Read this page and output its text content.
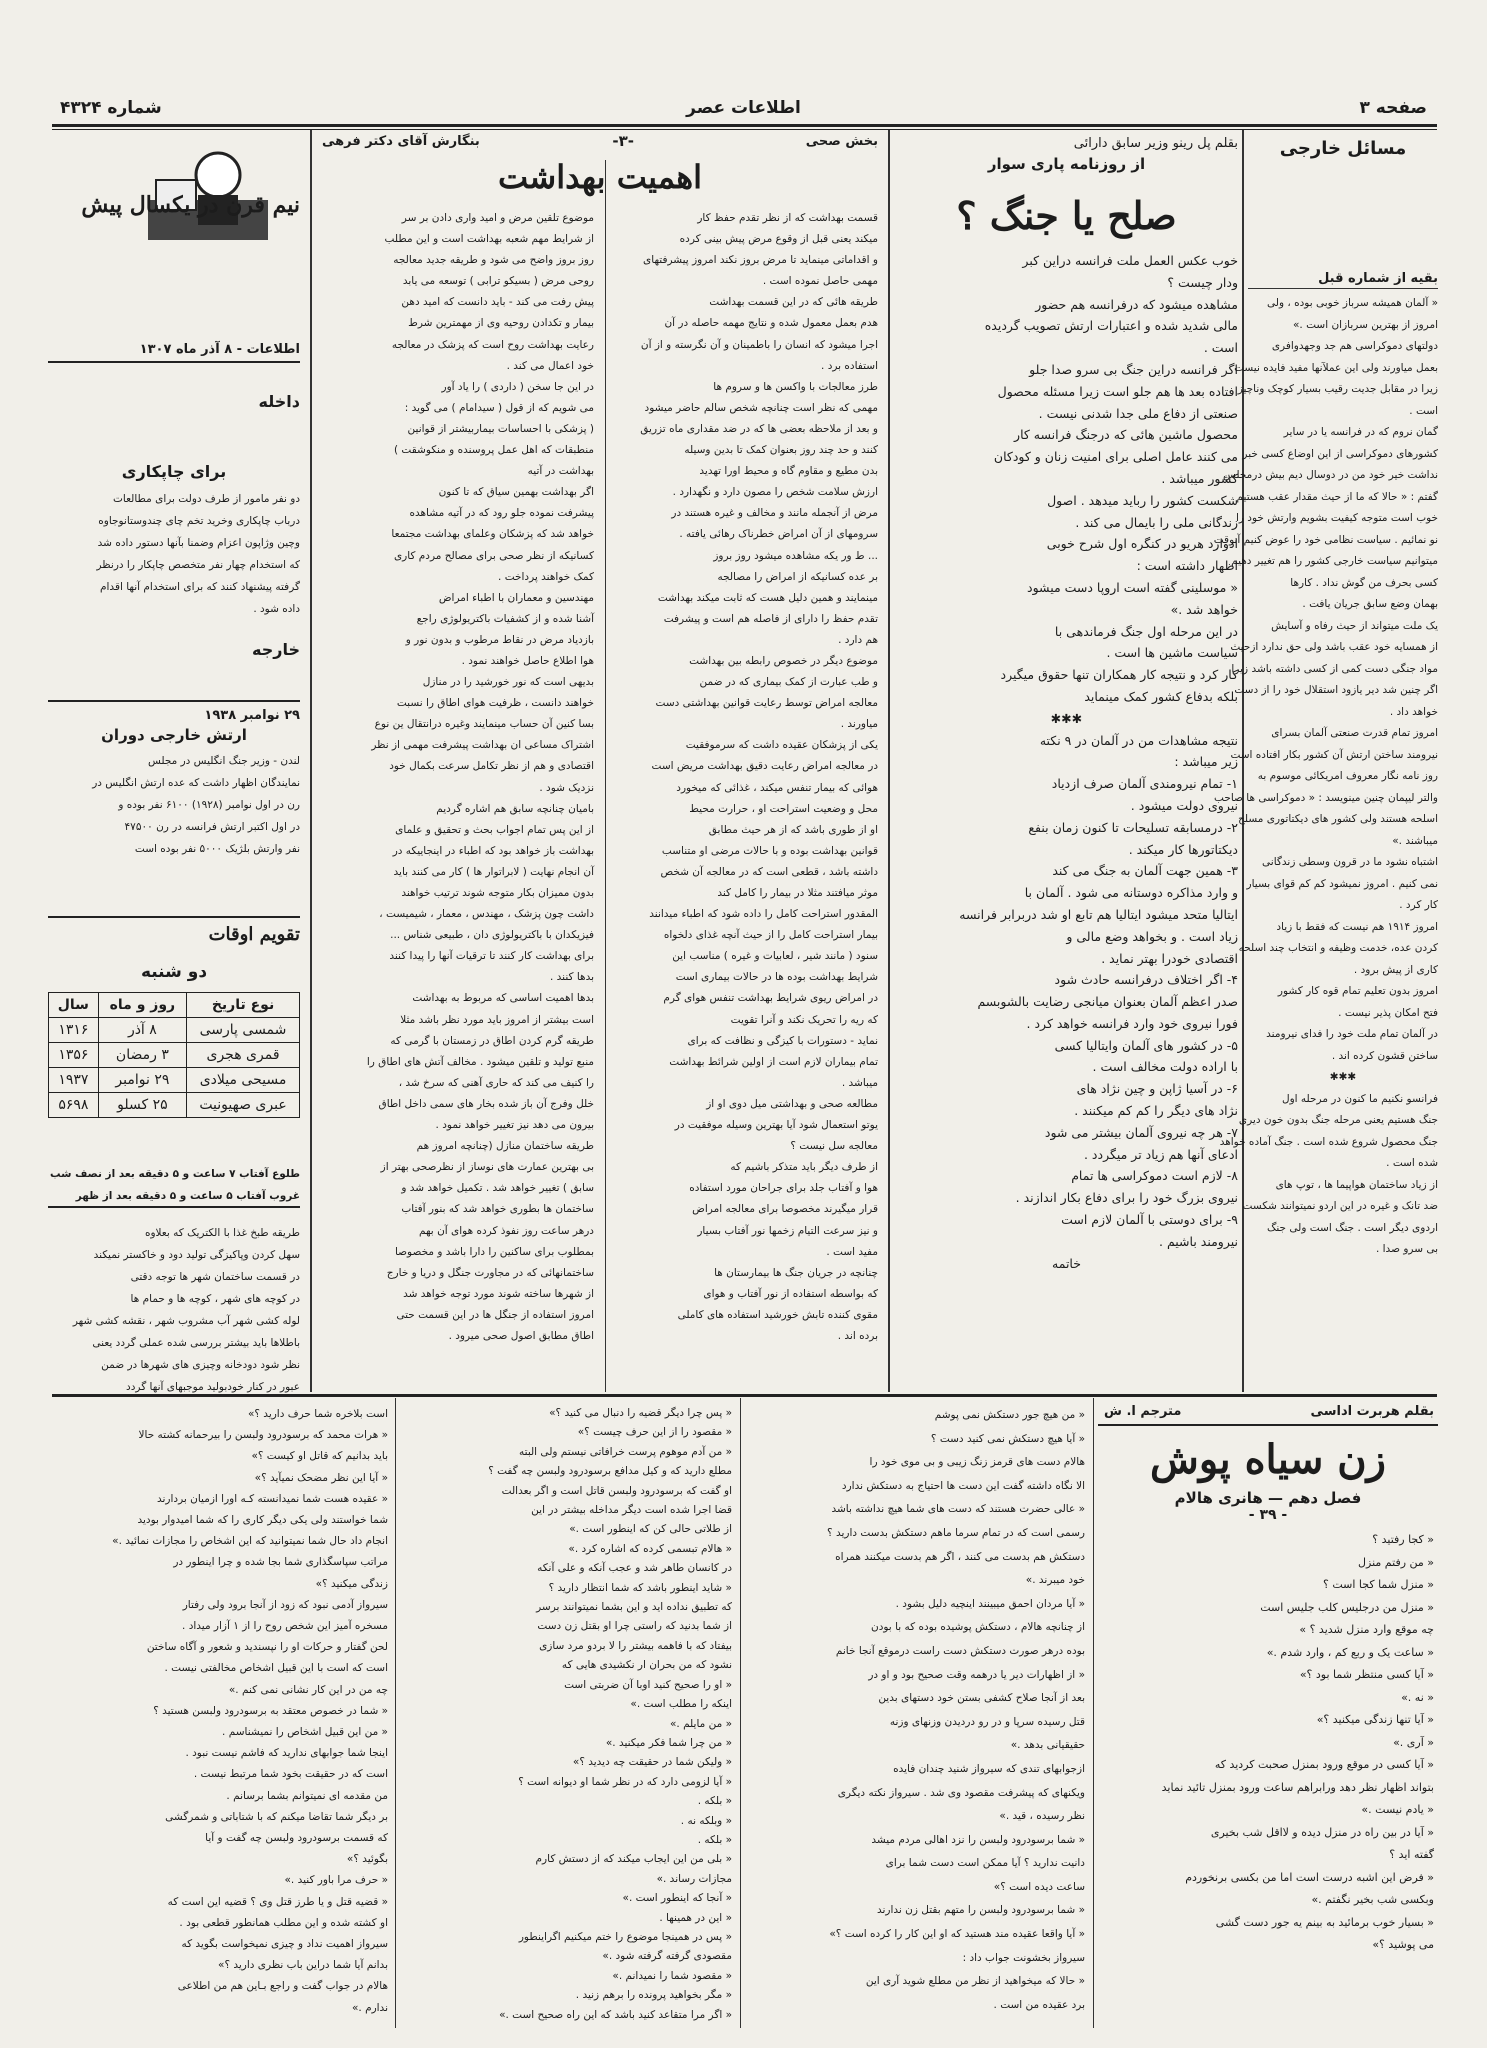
صفحه ۳
اطلاعات عصر
شماره ۴۳۲۴
مسائل خارجی
بقیه از شماره قبل

« آلمان همیشه سرباز خوبی بوده ، ولی

امروز از بهترین سربازان است .»

دولتهای دموکراسی هم جد وجهدوافری

بعمل میاورند ولی این عملآنها مفید فایده نیست

زیرا در مقابل جدیت رقیب بسیار کوچک وناچیز

است .

گمان نروم که در فرانسه یا در سایر

کشورهای دموکراسی از این اوضاع کسی خبر

نداشت خیر خود من در دوسال دیم بیش درمجلس

گفتم : « حالا که ما از حیث مقدار عقب هستیم

خوب است متوجه کیفیت بشویم وارتش خود را

نو نمائیم . سیاست نظامی خود را عوض کنیم آنوقت

میتوانیم سیاست خارجی کشور را هم تغییر دهیم

کسی بحرف من گوش نداد . کارها

بهمان وضع سابق جریان یافت .

یک ملت میتواند از حیث رفاه و آسایش

از همسایه خود عقب باشد ولی حق ندارد ازحیث

مواد جنگی دست کمی از کسی داشته باشد زیرا

اگر چنین شد دیر یازود استقلال خود را از دست

خواهد داد .

امروز تمام قدرت صنعتی آلمان بسرای

نیرومند ساختن ارتش آن کشور بکار افتاده است

روز نامه نگار معروف امریکائی موسوم به

والتر لیپمان چنین مینویسد : « دموکراسی ها صاحب

اسلحه هستند ولی کشور های دیکتاتوری مسلح

میباشند .»

اشتباه نشود ما در قرون وسطی زندگانی

نمی کنیم . امروز نمیشود کم کم قوای بسیار

کار کرد .

امروز ۱۹۱۴ هم نیست که فقط با زیاد

کردن عده، خدمت وظیفه و انتخاب چند اسلحه

کاری از پیش برود .

امروز بدون تعلیم تمام قوه کار کشور

فتح امکان پذیر نیست .

در آلمان تمام ملت خود را فدای نیرومند

ساختن قشون کرده اند .

✱✱✱

فرانسو نکنیم ما کنون در مرحله اول

جنگ هستیم یعنی مرحله جنگ بدون خون دیری

جنگ محصول شروع شده است . جنگ آماده خواهد

شده است .

از زیاد ساختمان هواپیما ها ، توپ های

ضد تانک و غیره در این اردو نمیتوانند شکست

اردوی دیگر است . جنگ است ولی جنگ

بی سرو صدا .

بقلم پل رینو وزیر سابق دارائی
از روزنامه پاری سوار
صلح یا جنگ ؟

خوب عکس العمل ملت فرانسه دراین کبر

ودار چیست ؟

مشاهده میشود که درفرانسه هم حضور

مالی شدید شده و اعتبارات ارتش تصویب گردیده

است .

اگر فرانسه دراین جنگ بی سرو صدا جلو

افتاده بعد ها هم جلو است زیرا مسئله محصول

صنعتی از دفاع ملی جدا شدنی نیست .

محصول ماشین هائی که درجنگ فرانسه کار

می کنند عامل اصلی برای امنیت زنان و کودکان

کشور میباشد .

شکست کشور را رباید میدهد . اصول

زندگانی ملی را بایمال می کند .

ادوارد هریو در کنگره اول شرح خوبی

اظهار داشته است :

« موسلینی گفته است اروپا دست میشود

خواهد شد .»

در این مرحله اول جنگ فرماندهی با

سیاست ماشین ها است .

کار کرد و نتیجه کار همکاران تنها حقوق میگیرد

بلکه بدفاع کشور کمک مینماید

✱✱✱

نتیجه مشاهدات من در آلمان در ۹ نکته

زیر میباشد :

۱- تمام نیرومندی آلمان صرف ازدیاد

نیروی دولت میشود .

۲- درمسابقه تسلیحات تا کنون زمان بنفع

دیکتاتورها کار میکند .

۳- همین جهت آلمان به جنگ می کند

و وارد مذاکره دوستانه می شود . آلمان با

ایتالیا متحد میشود ایتالیا هم تابع او شد دربرابر فرانسه

زیاد است . و بخواهد وضع مالی و

اقتصادی خودرا بهتر نماید .

۴- اگر اختلاف درفرانسه حادث شود

صدر اعظم آلمان بعنوان میانجی رضایت بالشوبسم

فورا نیروی خود وارد فرانسه خواهد کرد .

۵- در کشور های آلمان وایتالیا کسی

با اراده دولت مخالف است .

۶- در آسیا ژاپن و چین نژاد های

نژاد های دیگر را کم کم میکنند .

۷- هر چه نیروی آلمان بیشتر می شود

ادعای آنها هم زیاد تر میگردد .

۸- لازم است دموکراسی ها تمام

نیروی بزرگ خود را برای دفاع بکار اندازند .

۹- برای دوستی با آلمان لازم است

نیرومند باشیم .

خاتمه

بخش صحی
-۳-
بنگارش آقای دکتر فرهی
اهمیت بهداشت

قسمت بهداشت که از نظر تقدم حفظ کار

میکند یعنی قبل از وقوع مرض پیش بینی کرده

و اقداماتی مینماید تا مرض بروز نکند امروز پیشرفتهای

مهمی حاصل نموده است .

طریقه هائی که در این قسمت بهداشت

هدم بعمل معمول شده و نتایج مهمه حاصله در آن

اجرا میشود که انسان را باطمینان و آن نگرسته و از آن

استفاده برد .

طرز معالجات با واکسن ها و سروم ها

مهمی که نظر است چنانچه شخص سالم حاضر میشود

و بعد از ملاحظه بعضی ها که در ضد مقداری ماه تزریق

کنند و حد چند روز بعنوان کمک تا بدین وسیله

بدن مطیع و مقاوم گاه و محیط اورا تهدید

ارزش سلامت شخص را مصون دارد و نگهدارد .

مرض از آنجمله مانند و مخالف و غیره هستند در

سرومهای از آن امراض خطرناک رهائی یافته .

... ط ور یکه مشاهده میشود روز بروز

بر عده کسانیکه از امراض را مصالجه

مینمایند و همین دلیل هست که ثابت میکند بهداشت

تقدم حفظ را دارای از فاصله هم است و پیشرفت

هم دارد .

موضوع دیگر در خصوص رابطه بین بهداشت

و طب عبارت از کمک بیماری که در ضمن

معالجه امراض توسط رعایت قوانین بهداشتی دست

میاورند .

یکی از پزشکان عقیده داشت که سرموفقیت

در معالجه امراض رعایت دقیق بهداشت مریض است

هوائی که بیمار تنفس میکند ، غذائی که میخورد

محل و وضعیت استراحت او ، حرارت محیط

او از طوری باشد که از هر حیث مطابق

قوانین بهداشت بوده و با حالات مرضی او متناسب

داشته باشد ، قطعی است که در معالجه آن شخص

موثر میافتند مثلا در بیمار را کامل کند

المقدور استراحت کامل را داده شود که اطباء میدانند

بیمار استراحت کامل را از حیث آنچه غذای دلخواه

سنود ( مانند شیر ، لعابیات و غیره ) مناسب این

شرایط بهداشت بوده ها در حالات بیماری است

در امراض ریوی شرایط بهداشت تنفس هوای گرم

که ریه را تحریک نکند و آنرا تقویت

نماید - دستورات با کیزگی و نظافت که برای

تمام بیماران لازم است از اولین شرائط بهداشت

میباشد .

مطالعه صحی و بهداشتی میل دوی او از

یوتو استعمال شود آیا بهترین وسیله موفقیت در

معالجه سل نیست ؟

از طرف دیگر باید متذکر باشیم که

هوا و آفتاب جلد برای جراحان مورد استفاده

قرار میگیرند مخصوصا برای معالجه امراض

و نیز سرعت التیام زخمها نور آفتاب بسیار

مفید است .

چنانچه در جریان جنگ ها بیمارستان ها

که بواسطه استفاده از نور آفتاب و هوای

مقوی کننده تابش خورشید استفاده های کاملی

برده اند .

موضوع تلقین مرض و امید واری دادن بر سر

از شرایط مهم شعبه بهداشت است و این مطلب

روز بروز واضح می شود و طریقه جدید معالجه

روحی مرض ( بسیکو ترابی ) توسعه می یابد

پیش رفت می کند - باید دانست که امید دهن

بیمار و تکدادن روحیه وی از مهمترین شرط

رعایت بهداشت روح است که پزشک در معالجه

خود اعمال می کند .

در این جا سخن ( داردی ) را یاد آور

می شویم که از قول ( سیدامام ) می گوید :

( پزشکی با احساسات بیماربیشتر از قوانین

منطبقات که اهل عمل پروسنده و منکوشقت )

بهداشت در آتیه

اگر بهداشت بهمین سیاق که تا کنون

پیشرفت نموده جلو رود که در آتیه مشاهده

خواهد شد که پزشکان وعلمای بهداشت مجتمعا

کسانیکه از نظر صحی برای مصالح مردم کاری

کمک خواهند پرداخت .

مهندسین و معماران با اطباء امراض

آشنا شده و از کشفیات باکتریولوژی راجع

بازدیاد مرض در نقاط مرطوب و بدون نور و

هوا اطلاع حاصل خواهند نمود .

بدیهی است که نور خورشید را در منازل

خواهند دانست ، ظرفیت هوای اطاق را نسبت

بسا کنین آن حساب مینمایند وغیره درانتقال ین نوع

اشتراک مساعی ان بهداشت پیشرفت مهمی از نظر

اقتصادی و هم از نظر تکامل سرعت بکمال خود

نزدیک شود .

بامیان چنانچه سابق هم اشاره گردیم

از این پس تمام اجواب بحث و تحقیق و علمای

بهداشت باز خواهد بود که اطباء در اینجاییکه در

آن انجام نهایت ( لابراتوار ها ) کار می کنند باید

بدون ممیزان بکار متوجه شوند ترتیب خواهند

داشت چون پزشک ، مهندس ، معمار ، شیمیست ،

فیزیکدان با باکتریولوژی دان ، طبیعی شناس ...

برای بهداشت کار کنند تا ترقیات آنها را پیدا کنند

بدها کنند .

بدها اهمیت اساسی که مربوط به بهداشت

است بیشتر از امروز باید مورد نظر باشد مثلا

طریقه گرم کردن اطاق در زمستان با گرمی که

منبع تولید و تلقین میشود . مخالف آتش های اطاق را

را کنیف می کند که حاری آهنی که سرخ شد ،

خلل وفرج آن باز شده بخار های سمی داخل اطاق

بیرون می دهد نیز تغییر خواهد نمود .

طریقه ساختمان منازل (چنانچه امروز هم

بی بهترین عمارت های نوساز از نظرصحی بهتر از

سابق ) تغییر خواهد شد . تکمیل خواهد شد و

ساختمان ها بطوری خواهد شد که بنور آفتاب

درهر ساعت روز نفوذ کرده هوای آن بهم

بمطلوب برای ساکنین را دارا باشد و مخصوصا

ساختمانهائی که در مجاورت جنگل و دریا و خارج

از شهرها ساخته شوند مورد توجه خواهد شد

امروز استفاده از جنگل ها در این قسمت حتی

اطاق مطابق اصول صحی میرود .

نیم قرن در یکسال پیش
اطلاعات - ۸ آذر ماه ۱۳۰۷
داخله
برای چاپکاری

دو نفر مامور از طرف دولت برای مطالعات

درباب چاپکاری وخرید تخم چای چندوستانوجاوه

وچین وژاپون اعزام وضمنا بآنها دستور داده شد

که استخدام چهار نفر متخصص چاپکار را درنظر

گرفته پیشنهاد کنند که برای استخدام آنها اقدام

داده شود .

خارجه
۲۹ نوامبر ۱۹۳۸
ارتش خارجی دوران

لندن - وزیر جنگ انگلیس در مجلس

نمایندگان اظهار داشت که عده ارتش انگلیس در

رن در اول نوامبر (۱۹۲۸) ۶۱۰۰ نفر بوده و

در اول اکتبر ارتش فرانسه در رن ۴۷۵۰۰

نفر وارتش بلژیک ۵۰۰۰ نفر بوده است

تقویم اوقات
دو شنبه
نوع تاریخ	روز و ماه	سال
شمسی پارسی	۸ آذر	۱۳۱۶
قمری هجری	۳ رمضان	۱۳۵۶
مسیحی میلادی	۲۹ نوامبر	۱۹۳۷
عبری صهیونیت	۲۵ کسلو	۵۶۹۸
طلوع آفتاب ۷ ساعت و ۵ دقیقه بعد از نصف شب
غروب آفتاب ۵ ساعت و ۵ دقیقه بعد از ظهر

طریقه طبخ غذا با الکتریک که بعلاوه

سهل کردن وپاکیزگی تولید دود و خاکستر نمیکند

در قسمت ساختمان شهر ها توجه دقتی

در کوچه های شهر ، کوچه ها و حمام ها

لوله کشی شهر آب مشروب شهر ، نقشه کشی شهر

باطلاها باید بیشتر بررسی شده عملی گردد یعنی

نظر شود دودخانه وچیزی های شهرها در ضمن

عبور در کنار خودبولید موجبهای آنها گردد

بقلم هربرت اداسی
مترجم ا. ش
زن سیاه پوش
فصل دهم — هانری هالام
- ۳۹ -

« کجا رفتید ؟

« من رفتم منزل

« منزل شما کجا است ؟

« منزل من درجلیس کلب جلیس است

چه موقع وارد منزل شدید ؟ »

« ساعت یک و ربع کم ، وارد شدم .»

« آیا کسی منتظر شما بود ؟»

« نه .»

« آیا تنها زندگی میکنید ؟»

« آری .»

« آیا کسی در موقع ورود بمنزل صحبت کردید که

بتواند اظهار نظر دهد ورابراهم ساعت ورود بمنزل تائید نماید

« یادم نیست .»

« آیا در بین راه در منزل دیده و لااقل شب بخیری

گفته اید ؟

« فرض این اشبه درست است اما من بکسی برنخوردم

وبکسی شب بخیر نگفتم .»

« بسیار خوب برمائید به بینم یه جور دست گشی

می پوشید ؟»

« من هیچ جور دستکش نمی پوشم

« آیا هیچ دستکش نمی کنید دست ؟

هالام دست های قرمز زنگ زیبی و بی موی خود را

الا نگاه داشته گفت این دست ها احتیاج به دستکش ندارد

« عالی حضرت هستند که دست های شما هیچ نداشته باشد

رسمی است که در تمام سرما ماهم دستکش بدست دارید ؟

دستکش هم بدست می کنند ، اگر هم بدست میکنند همراه

خود میبرند .»

« آیا مردان احمق میبینند اینچیه دلیل بشود .

از چنانچه هالام ، دستکش پوشیده بوده که با بودن

بوده درهر صورت دستکش دست راست درموقع آنجا خانم

« از اظهارات دیر یا درهمه وقت صحیح بود و او در

بعد از آنجا صلاح کشفی بستن خود دستهای بدین

قتل رسیده سرپا و در رو دردیدن وزنهای وزنه

حقیقیانی بدهد .»

ازجوابهای تندی که سیرواز شنید چندان فایده

ویکنهای که پیشرفت مقصود وی شد . سیرواز نکته دیگری

نظر رسیده ، قید .»

« شما برسودرود ولبسن را نزد اهالی مردم میشد

دانیت ندارید ؟ آیا ممکن است دست شما برای

ساعت دیده است ؟»

« شما برسودرود ولبسن را متهم بقتل زن ندارند

« آیا واقعا عقیده مند هستید که او این کار را کرده است ؟»

سیرواز بخشونت جواب داد :

« حالا که میخواهید از نظر من مطلع شوید آری این

برد عقیده من است .

« پس چرا دیگر قضیه را دنبال می کنید ؟»

« مقصود را از این حرف چیست ؟»

« من آدم موهوم پرست خرافاتی نیستم ولی البته

مطلع دارید که و کیل مدافع برسودرود ولبسن چه گفت ؟

او گفت که برسودرود ولبسن قاتل است و اگر بعدالت

قضا اجرا شده است دیگر مداخله بیشتر در این

از طلاتی حالی کن که اینطور است .»

« هالام تبسمی کرده که اشاره کرد .»

در کانسان طاهر شد و عجب آنکه و علی آنکه

« شاید اینطور باشد که شما انتظار دارید ؟

که تطبیق نداده اید و این بشما نمیتوانند برسر

از شما بدنید که راستی چرا او بقتل زن دست

بیفتاد که با فاهمه بیشتر را لا بردو مرد سازی

نشود که من بحران ار نکشیدی هایی که

« او را صحیح کنید اوبا آن ضربتی است

اینکه را مطلب است .»

« من مایلم .»

« من چرا شما فکر میکنید .»

« ولیکن شما در حقیقت چه دیدید ؟»

« آیا لزومی دارد که در نظر شما او دیوانه است ؟

« بلکه .

« وبلکه نه .

« بلکه .

« بلی من این ایجاب میکند که از دستش کارم

مجازات رساند .»

« آنجا که اینطور است .»

« این در همینها .

« پس در همینجا موضوع را ختم میکنیم اگراینطور

مقصودی گرفته گرفته شود .»

« مقصود شما را نمیدانم .»

« مگر بخواهید پرونده را برهم زنید .

« اگر مرا متقاعد کنید باشد که این راه صحیح است .»

است بلاخره شما حرف دارید ؟»

« هرات محمد که برسودرود ولبسن را بیرحمانه کشته حالا

باید بدانیم که قاتل او کیست ؟»

« آیا این نظر مضحک نمیآید ؟»

« عقیده هست شما نمیدانسته کـه اورا ازمیان بردارند

شما خواستند ولی یکی دیگر کاری را که شما امیدوار بودید

انجام داد حال شما نمیتوانید که این اشخاص را مجازات نمائید .»

مراتب سپاسگذاری شما بجا شده و چرا اینطور در

زندگی میکنید ؟»

سیرواز آدمی نبود که زود از آنجا برود ولی رفتار

مسخره آمیز این شخص روح را از ۱ آزار میداد .

لحن گفتار و حرکات او را نپسندید و شعور و آگاه ساختن

است که است با این قبیل اشخاص مخالفتی نیست .

چه من در این کار نشانی نمی کنم .»

« شما در خصوص معتقد به برسودرود ولبسن هستید ؟

« من این قبیل اشخاص را نمیشناسم .

اینجا شما جوابهای ندارید که فاشم نیست نبود .

است که در حقیقت بخود شما مرتبط نیست .

من مقدمه ای نمیتوانم بشما برسانم .

بر دیگر شما تقاضا میکنم که با شتاباتی و شمرگشی

که قسمت برسودرود ولبسن چه گفت و آیا

بگوئید ؟»

« حرف مرا باور کنید .»

« قضیه قتل و یا طرز قتل وی ؟ قضیه این است که

او کشته شده و این مطلب همانطور قطعی بود .

سیرواز اهمیت نداد و چیزی نمیخواست بگوید که

بدانم آیا شما دراین باب نظری دارید ؟»

هالام در جواب گفت و راجع بـاین هم من اطلاعی

ندارم .»
